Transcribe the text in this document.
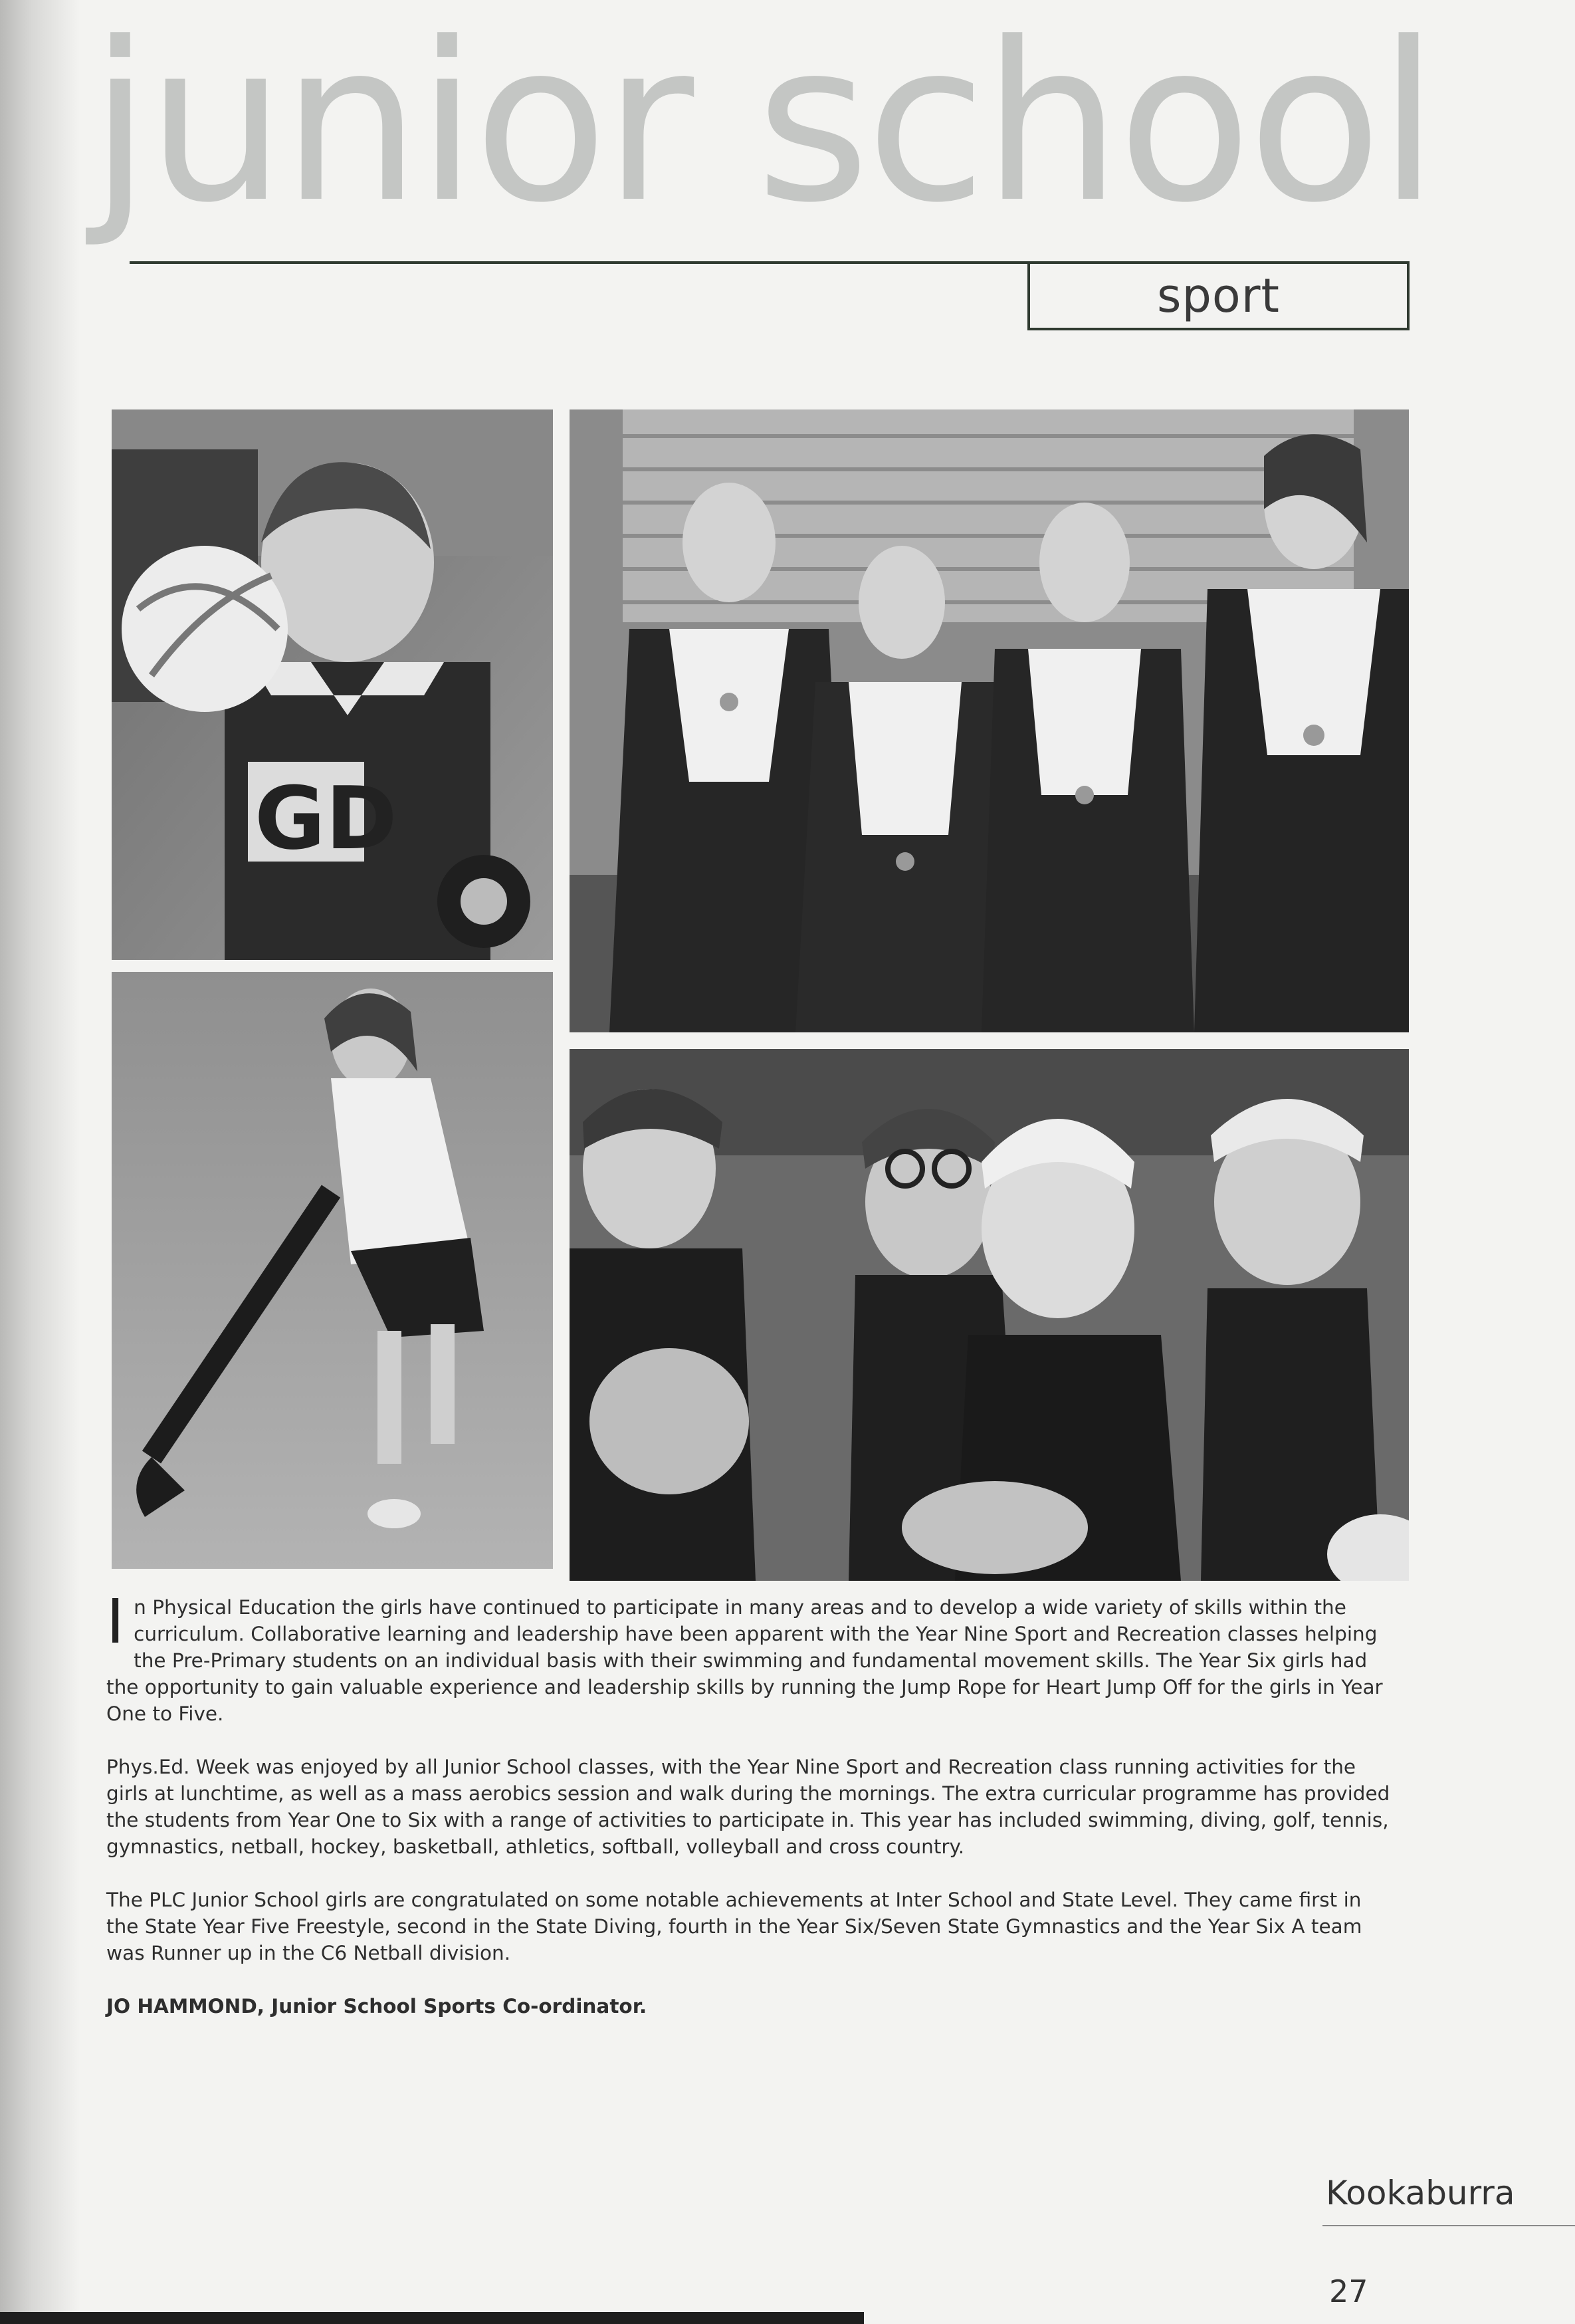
junior school
sport
GD

In Physical Education the girls have continued to participate in many areas and to develop a wide variety of skills within the curriculum. Collaborative learning and leadership have been apparent with the Year Nine Sport and Recreation classes helping the Pre-Primary students on an individual basis with their swimming and fundamental movement skills. The Year Six girls had the opportunity to gain valuable experience and leadership skills by running the Jump Rope for Heart Jump Off for the girls in Year One to Five.

Phys.Ed. Week was enjoyed by all Junior School classes, with the Year Nine Sport and Recreation class running activities for the girls at lunchtime, as well as a mass aerobics session and walk during the mornings. The extra curricular programme has provided the students from Year One to Six with a range of activities to participate in. This year has included swimming, diving, golf, tennis, gymnastics, netball, hockey, basketball, athletics, softball, volleyball and cross country.

The PLC Junior School girls are congratulated on some notable achievements at Inter School and State Level. They came first in the State Year Five Freestyle, second in the State Diving, fourth in the Year Six/Seven State Gymnastics and the Year Six A team was Runner up in the C6 Netball division.

JO HAMMOND, Junior School Sports Co-ordinator.

Kookaburra
27
